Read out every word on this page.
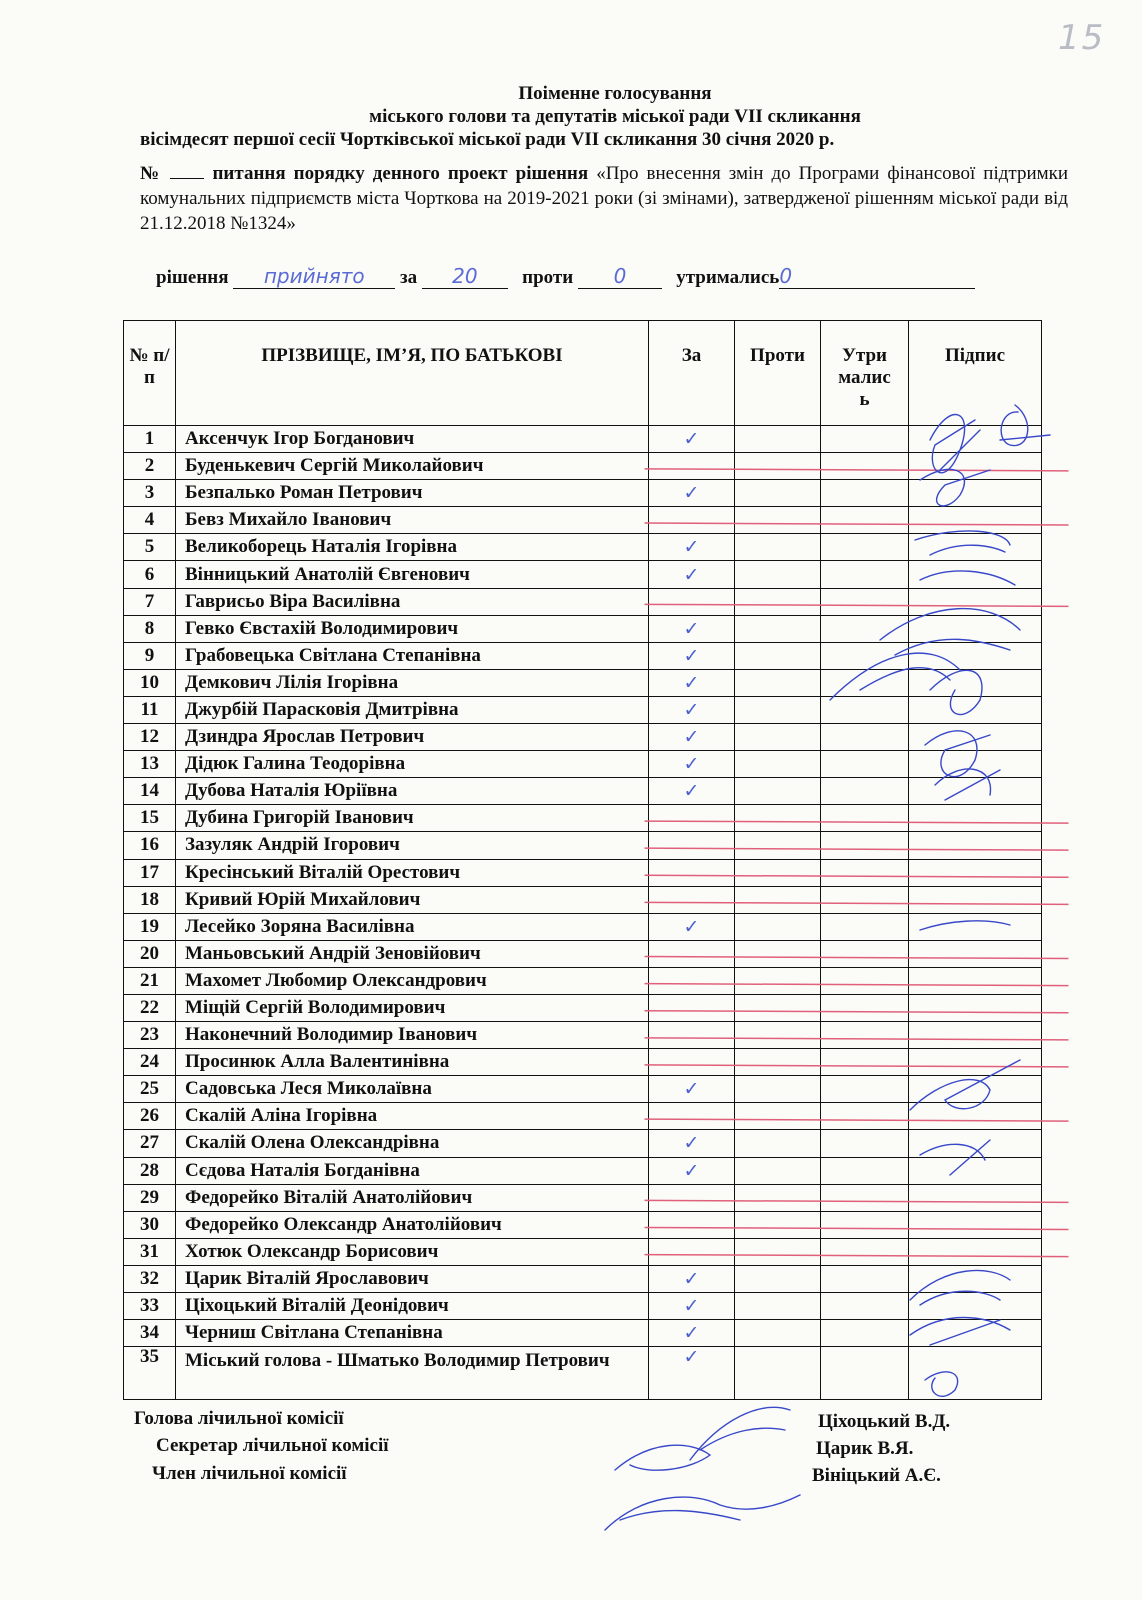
15
Поіменне голосування
міського голови та депутатів міської ради VІІ скликання
вісімдесят першої сесії Чортківської міської ради VІІ скликання 30 січня 2020 р.
№	питання порядку денного проект рішення «Про внесення змін до Програми фінансової підтримки комунальних підприємств міста Чорткова на 2019-2021 роки (зі змінами), затвердженої рішенням міської ради від 21.12.2018 №1324»
рішення прийнято за 20 проти 0	утримались0
№ п/п	ПРІЗВИЩЕ, ІМ’Я, ПО БАТЬКОВІ	За	Проти	Утримались	Підпис
1	Аксенчук Ігор Богданович	✓			
2	Буденькевич Сергій Миколайович				
3	Безпалько Роман Петрович	✓			
4	Бевз Михайло Іванович				
5	Великоборець Наталія Ігорівна	✓			
6	Вінницький Анатолій Євгенович	✓			
7	Гаврисьо Віра Василівна				
8	Гевко Євстахій Володимирович	✓			
9	Грабовецька Світлана Степанівна	✓			
10	Демкович Лілія Ігорівна	✓			
11	Джурбій Парасковія Дмитрівна	✓			
12	Дзиндра Ярослав Петрович	✓			
13	Дідюк Галина Теодорівна	✓			
14	Дубова Наталія Юріївна	✓			
15	Дубина Григорій Іванович				
16	Зазуляк Андрій Ігорович				
17	Кресінський Віталій Орестович				
18	Кривий Юрій Михайлович				
19	Лесейко Зоряна Василівна	✓			
20	Маньовський Андрій Зеновійович				
21	Махомет Любомир Олександрович				
22	Міщій Сергій Володимирович				
23	Наконечний Володимир Іванович				
24	Просинюк Алла Валентинівна				
25	Садовська Леся Миколаївна	✓			
26	Скалій Аліна Ігорівна				
27	Скалій Олена Олександрівна	✓			
28	Сєдова Наталія Богданівна	✓			
29	Федорейко Віталій Анатолійович				
30	Федорейко Олександр Анатолійович				
31	Хотюк Олександр Борисович				
32	Царик Віталій Ярославович	✓			
33	Ціхоцький Віталій Деонідович	✓			
34	Черниш Світлана Степанівна	✓			
35	Міський голова - Шматько Володимир Петрович	✓			
Голова лічильної комісії
Секретар лічильної комісії
Член лічильної комісії
Ціхоцький В.Д.
Царик В.Я.
Вініцький А.Є.
